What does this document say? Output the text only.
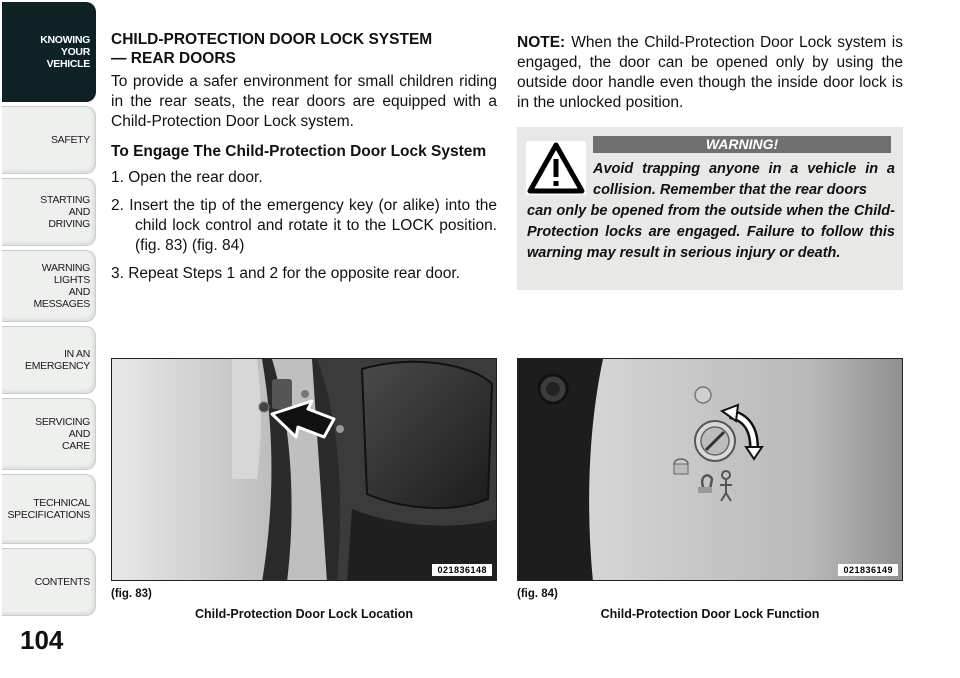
KNOWING
YOUR
VEHICLE
SAFETY
STARTING
AND
DRIVING
WARNING
LIGHTS
AND
MESSAGES
IN AN
EMERGENCY
SERVICING
AND
CARE
TECHNICAL
SPECIFICATIONS
CONTENTS
104
CHILD-PROTECTION DOOR LOCK SYSTEM
— REAR DOORS
To provide a safer environment for small children riding in the rear seats, the rear doors are equipped with a Child-Protection Door Lock system.
To Engage The Child-Protection Door Lock System
1. Open the rear door.
2. Insert the tip of the emergency key (or alike) into the child lock control and rotate it to the LOCK position. (fig. 83) (fig. 84)
3. Repeat Steps 1 and 2 for the opposite rear door.
NOTE: When the Child-Protection Door Lock system is engaged, the door can be opened only by using the outside door handle even though the inside door lock is in the unlocked position.
WARNING!
Avoid trapping anyone in a vehicle in a collision. Remember that the rear doors
can only be opened from the outside when the Child-Protection locks are engaged. Failure to follow this warning may result in serious injury or death.
021836148
(fig. 83)
Child-Protection Door Lock Location
021836149
(fig. 84)
Child-Protection Door Lock Function
